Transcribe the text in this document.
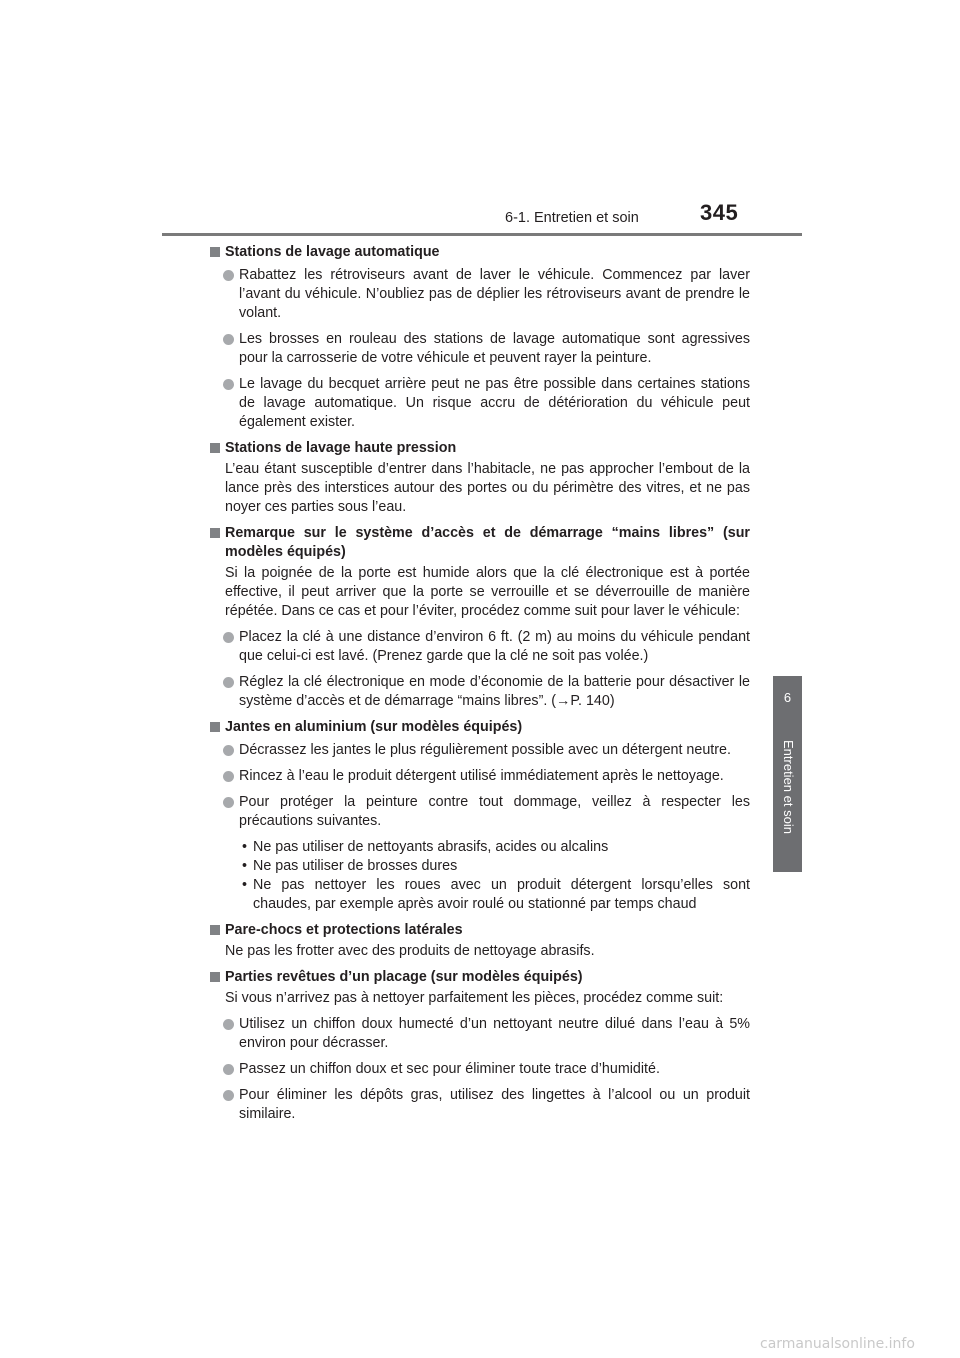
6-1. Entretien et soin	345
6
Entretien et soin
Stations de lavage automatique
Rabattez les rétroviseurs avant de laver le véhicule. Commencez par laver l’avant du véhicule. N’oubliez pas de déplier les rétroviseurs avant de prendre le volant.
Les brosses en rouleau des stations de lavage automatique sont agressives pour la carrosserie de votre véhicule et peuvent rayer la peinture.
Le lavage du becquet arrière peut ne pas être possible dans certaines stations de lavage automatique. Un risque accru de détérioration du véhicule peut également exister.
Stations de lavage haute pression
L’eau étant susceptible d’entrer dans l’habitacle, ne pas approcher l’embout de la lance près des interstices autour des portes ou du périmètre des vitres, et ne pas noyer ces parties sous l’eau.
Remarque sur le système d’accès et de démarrage “mains libres” (sur modèles équipés)
Si la poignée de la porte est humide alors que la clé électronique est à portée effective, il peut arriver que la porte se verrouille et se déverrouille de manière répétée. Dans ce cas et pour l’éviter, procédez comme suit pour laver le véhicule:
Placez la clé à une distance d’environ 6 ft. (2 m) au moins du véhicule pendant que celui-ci est lavé. (Prenez garde que la clé ne soit pas volée.)
Réglez la clé électronique en mode d’économie de la batterie pour désactiver le système d’accès et de démarrage “mains libres”. (→P. 140)
Jantes en aluminium (sur modèles équipés)
Décrassez les jantes le plus régulièrement possible avec un détergent neutre.
Rincez à l’eau le produit détergent utilisé immédiatement après le nettoyage.
Pour protéger la peinture contre tout dommage, veillez à respecter les précautions suivantes.
• Ne pas utiliser de nettoyants abrasifs, acides ou alcalins
• Ne pas utiliser de brosses dures
• Ne pas nettoyer les roues avec un produit détergent lorsqu’elles sont chaudes, par exemple après avoir roulé ou stationné par temps chaud
Pare-chocs et protections latérales
Ne pas les frotter avec des produits de nettoyage abrasifs.
Parties revêtues d’un placage (sur modèles équipés)
Si vous n’arrivez pas à nettoyer parfaitement les pièces, procédez comme suit:
Utilisez un chiffon doux humecté d’un nettoyant neutre dilué dans l’eau à 5% environ pour décrasser.
Passez un chiffon doux et sec pour éliminer toute trace d’humidité.
Pour éliminer les dépôts gras, utilisez des lingettes à l’alcool ou un produit similaire.
carmanualsonline.info
